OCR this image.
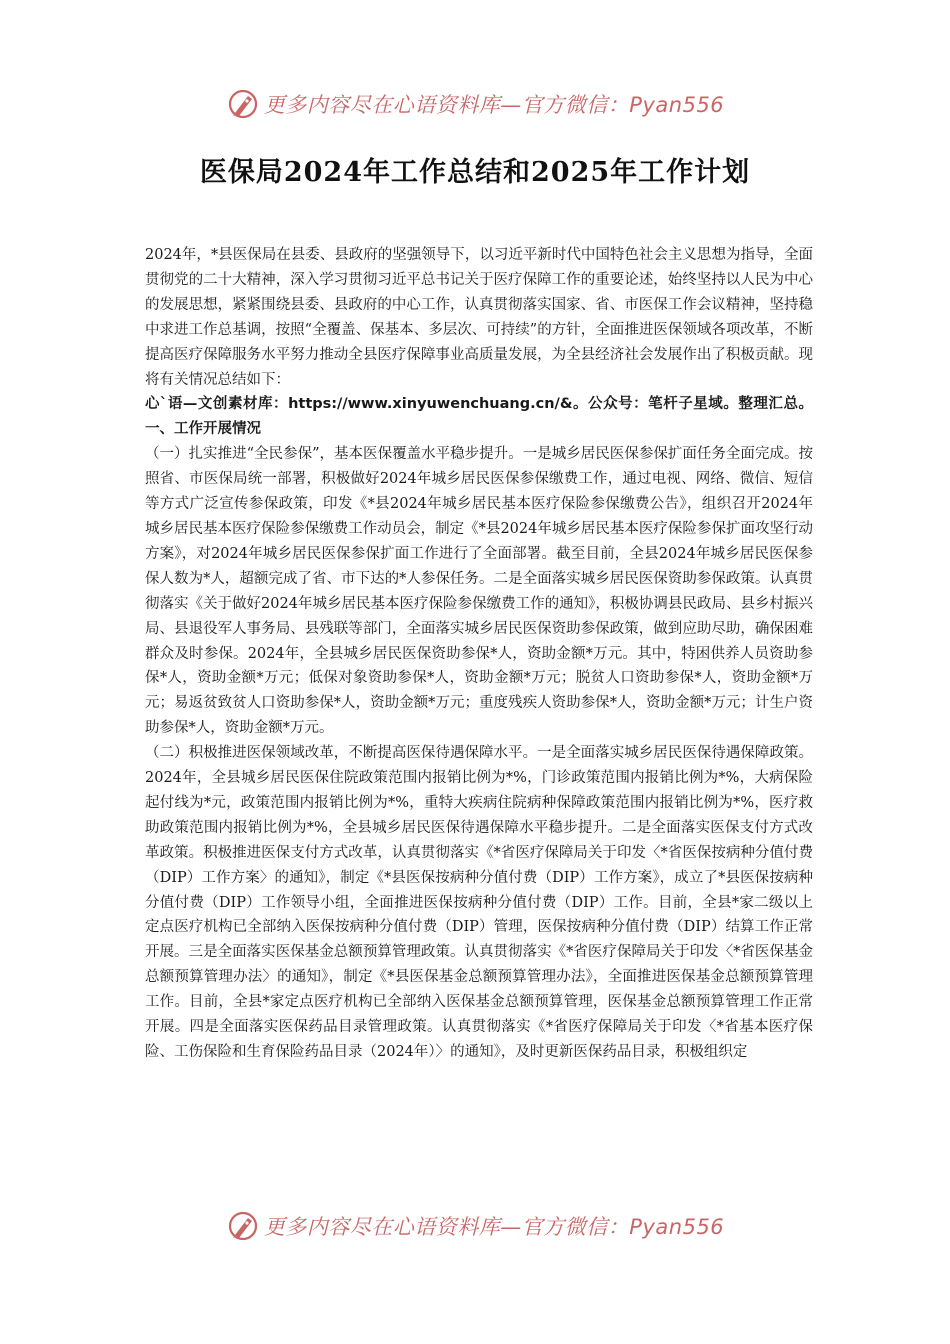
更多内容尽在心语资料库—官方微信：Pyan556
医保局2024年工作总结和2025年工作计划

2024年，*县医保局在县委、县政府的坚强领导下，以习近平新时代中国特色社会主义思想为指导，全面贯彻党的二十大精神，深入学习贯彻习近平总书记关于医疗保障工作的重要论述，始终坚持以人民为中心的发展思想，紧紧围绕县委、县政府的中心工作，认真贯彻落实国家、省、市医保工作会议精神，坚持稳中求进工作总基调，按照“全覆盖、保基本、多层次、可持续”的方针，全面推进医保领域各项改革，不断提高医疗保障服务水平努力推动全县医疗保障事业高质量发展，为全县经济社会发展作出了积极贡献。现将有关情况总结如下：

心`语—文创素材库：https://www.xinyuwenchuang.cn/&。公众号：笔杆子星域。整理汇总。一、工作开展情况

（一）扎实推进“全民参保”，基本医保覆盖水平稳步提升。一是城乡居民医保参保扩面任务全面完成。按照省、市医保局统一部署，积极做好2024年城乡居民医保参保缴费工作，通过电视、网络、微信、短信等方式广泛宣传参保政策，印发《*县2024年城乡居民基本医疗保险参保缴费公告》，组织召开2024年城乡居民基本医疗保险参保缴费工作动员会，制定《*县2024年城乡居民基本医疗保险参保扩面攻坚行动方案》，对2024年城乡居民医保参保扩面工作进行了全面部署。截至目前，全县2024年城乡居民医保参保人数为*人，超额完成了省、市下达的*人参保任务。二是全面落实城乡居民医保资助参保政策。认真贯彻落实《关于做好2024年城乡居民基本医疗保险参保缴费工作的通知》，积极协调县民政局、县乡村振兴局、县退役军人事务局、县残联等部门，全面落实城乡居民医保资助参保政策，做到应助尽助，确保困难群众及时参保。2024年，全县城乡居民医保资助参保*人，资助金额*万元。其中，特困供养人员资助参保*人，资助金额*万元；低保对象资助参保*人，资助金额*万元；脱贫人口资助参保*人，资助金额*万元；易返贫致贫人口资助参保*人，资助金额*万元；重度残疾人资助参保*人，资助金额*万元；计生户资助参保*人，资助金额*万元。

（二）积极推进医保领域改革，不断提高医保待遇保障水平。一是全面落实城乡居民医保待遇保障政策。2024年，全县城乡居民医保住院政策范围内报销比例为*%，门诊政策范围内报销比例为*%，大病保险起付线为*元，政策范围内报销比例为*%，重特大疾病住院病种保障政策范围内报销比例为*%，医疗救助政策范围内报销比例为*%，全县城乡居民医保待遇保障水平稳步提升。二是全面落实医保支付方式改革政策。积极推进医保支付方式改革，认真贯彻落实《*省医疗保障局关于印发〈*省医保按病种分值付费（DIP）工作方案〉的通知》，制定《*县医保按病种分值付费（DIP）工作方案》，成立了*县医保按病种分值付费（DIP）工作领导小组，全面推进医保按病种分值付费（DIP）工作。目前，全县*家二级以上定点医疗机构已全部纳入医保按病种分值付费（DIP）管理，医保按病种分值付费（DIP）结算工作正常开展。三是全面落实医保基金总额预算管理政策。认真贯彻落实《*省医疗保障局关于印发〈*省医保基金总额预算管理办法〉的通知》，制定《*县医保基金总额预算管理办法》，全面推进医保基金总额预算管理工作。目前，全县*家定点医疗机构已全部纳入医保基金总额预算管理，医保基金总额预算管理工作正常开展。四是全面落实医保药品目录管理政策。认真贯彻落实《*省医疗保障局关于印发〈*省基本医疗保险、工伤保险和生育保险药品目录（2024年）〉的通知》，及时更新医保药品目录，积极组织定

更多内容尽在心语资料库—官方微信：Pyan556
